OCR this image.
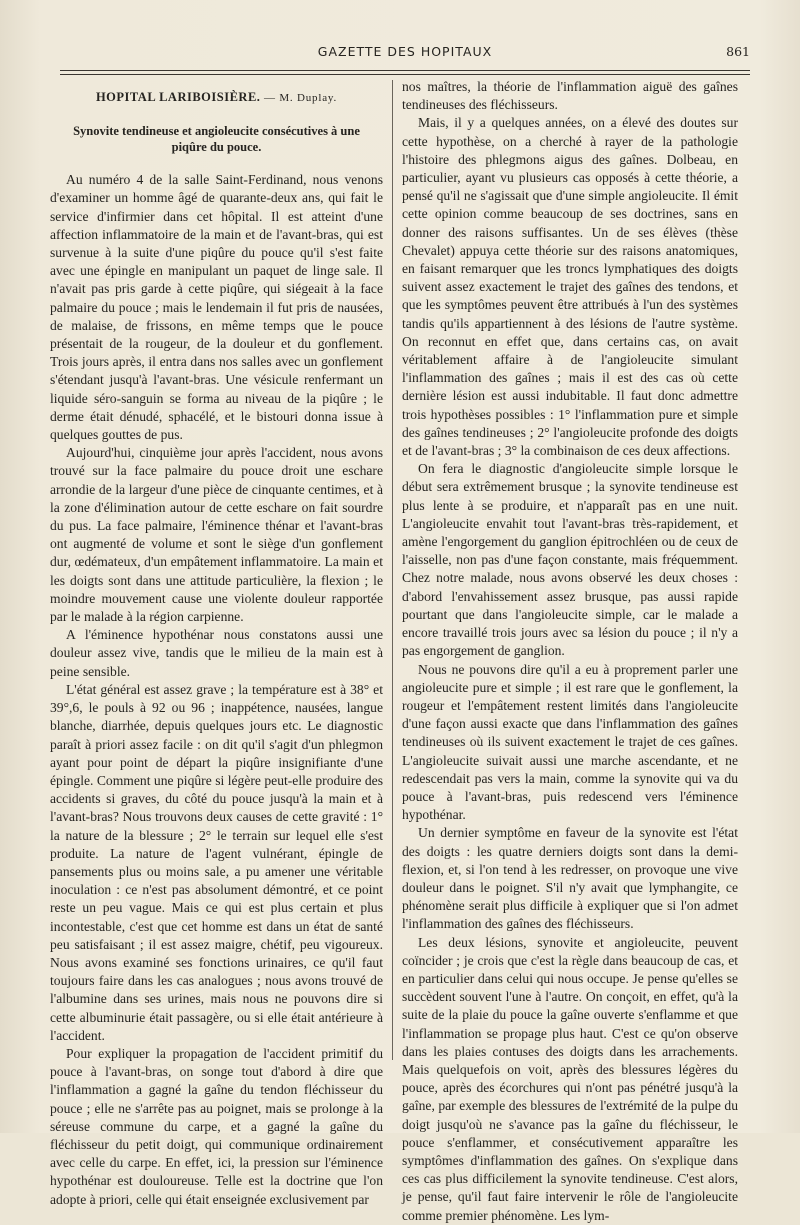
GAZETTE DES HOPITAUX	861
HOPITAL LARIBOISIÈRE. — M. Duplay.
Synovite tendineuse et angioleucite consécutives à une piqûre du pouce.

Au numéro 4 de la salle Saint-Ferdinand, nous venons d'examiner un homme âgé de quarante-deux ans, qui fait le service d'infirmier dans cet hôpital. Il est atteint d'une affection inflammatoire de la main et de l'avant-bras, qui est survenue à la suite d'une piqûre du pouce qu'il s'est faite avec une épingle en manipulant un paquet de linge sale. Il n'avait pas pris garde à cette piqûre, qui siégeait à la face palmaire du pouce ; mais le lendemain il fut pris de nausées, de malaise, de frissons, en même temps que le pouce présentait de la rougeur, de la douleur et du gonflement. Trois jours après, il entra dans nos salles avec un gonflement s'étendant jusqu'à l'avant-bras. Une vésicule renfermant un liquide séro-sanguin se forma au niveau de la piqûre ; le derme était dénudé, sphacélé, et le bistouri donna issue à quelques gouttes de pus.

Aujourd'hui, cinquième jour après l'accident, nous avons trouvé sur la face palmaire du pouce droit une eschare arrondie de la largeur d'une pièce de cinquante centimes, et à la zone d'élimination autour de cette eschare on fait sourdre du pus. La face palmaire, l'éminence thénar et l'avant-bras ont augmenté de volume et sont le siège d'un gonflement dur, œdémateux, d'un empâtement inflammatoire. La main et les doigts sont dans une attitude particulière, la flexion ; le moindre mouvement cause une violente douleur rapportée par le malade à la région carpienne.

A l'éminence hypothénar nous constatons aussi une douleur assez vive, tandis que le milieu de la main est à peine sensible.

L'état général est assez grave ; la température est à 38° et 39°,6, le pouls à 92 ou 96 ; inappétence, nausées, langue blanche, diarrhée, depuis quelques jours etc. Le diagnostic paraît à priori assez facile : on dit qu'il s'agit d'un phlegmon ayant pour point de départ la piqûre insignifiante d'une épingle. Comment une piqûre si légère peut-elle produire des accidents si graves, du côté du pouce jusqu'à la main et à l'avant-bras? Nous trouvons deux causes de cette gravité : 1° la nature de la blessure ; 2° le terrain sur lequel elle s'est produite. La nature de l'agent vulnérant, épingle de pansements plus ou moins sale, a pu amener une véritable inoculation : ce n'est pas absolument démontré, et ce point reste un peu vague. Mais ce qui est plus certain et plus incontestable, c'est que cet homme est dans un état de santé peu satisfaisant ; il est assez maigre, chétif, peu vigoureux. Nous avons examiné ses fonctions urinaires, ce qu'il faut toujours faire dans les cas analogues ; nous avons trouvé de l'albumine dans ses urines, mais nous ne pouvons dire si cette albuminurie était passagère, ou si elle était antérieure à l'accident.

Pour expliquer la propagation de l'accident primitif du pouce à l'avant-bras, on songe tout d'abord à dire que l'inflammation a gagné la gaîne du tendon fléchisseur du pouce ; elle ne s'arrête pas au poignet, mais se prolonge à la séreuse commune du carpe, et a gagné la gaîne du fléchisseur du petit doigt, qui communique ordinairement avec celle du carpe. En effet, ici, la pression sur l'éminence hypothénar est douloureuse. Telle est la doctrine que l'on adopte à priori, celle qui était enseignée exclusivement par

nos maîtres, la théorie de l'inflammation aiguë des gaînes tendineuses des fléchisseurs.

Mais, il y a quelques années, on a élevé des doutes sur cette hypothèse, on a cherché à rayer de la pathologie l'histoire des phlegmons aigus des gaînes. Dolbeau, en particulier, ayant vu plusieurs cas opposés à cette théorie, a pensé qu'il ne s'agissait que d'une simple angioleucite. Il émit cette opinion comme beaucoup de ses doctrines, sans en donner des raisons suffisantes. Un de ses élèves (thèse Chevalet) appuya cette théorie sur des raisons anatomiques, en faisant remarquer que les troncs lymphatiques des doigts suivent assez exactement le trajet des gaînes des tendons, et que les symptômes peuvent être attribués à l'un des systèmes tandis qu'ils appartiennent à des lésions de l'autre système. On reconnut en effet que, dans certains cas, on avait véritablement affaire à de l'angioleucite simulant l'inflammation des gaînes ; mais il est des cas où cette dernière lésion est aussi indubitable. Il faut donc admettre trois hypothèses possibles : 1° l'inflammation pure et simple des gaînes tendineuses ; 2° l'angioleucite profonde des doigts et de l'avant-bras ; 3° la combinaison de ces deux affections.

On fera le diagnostic d'angioleucite simple lorsque le début sera extrêmement brusque ; la synovite tendineuse est plus lente à se produire, et n'apparaît pas en une nuit. L'angioleucite envahit tout l'avant-bras très-rapidement, et amène l'engorgement du ganglion épitrochléen ou de ceux de l'aisselle, non pas d'une façon constante, mais fréquemment. Chez notre malade, nous avons observé les deux choses : d'abord l'envahissement assez brusque, pas aussi rapide pourtant que dans l'angioleucite simple, car le malade a encore travaillé trois jours avec sa lésion du pouce ; il n'y a pas engorgement de ganglion.

Nous ne pouvons dire qu'il a eu à proprement parler une angioleucite pure et simple ; il est rare que le gonflement, la rougeur et l'empâtement restent limités dans l'angioleucite d'une façon aussi exacte que dans l'inflammation des gaînes tendineuses où ils suivent exactement le trajet de ces gaînes. L'angioleucite suivait aussi une marche ascendante, et ne redescendait pas vers la main, comme la synovite qui va du pouce à l'avant-bras, puis redescend vers l'éminence hypothénar.

Un dernier symptôme en faveur de la synovite est l'état des doigts : les quatre derniers doigts sont dans la demi-flexion, et, si l'on tend à les redresser, on provoque une vive douleur dans le poignet. S'il n'y avait que lymphangite, ce phénomène serait plus difficile à expliquer que si l'on admet l'inflammation des gaînes des fléchisseurs.

Les deux lésions, synovite et angioleucite, peuvent coïncider ; je crois que c'est la règle dans beaucoup de cas, et en particulier dans celui qui nous occupe. Je pense qu'elles se succèdent souvent l'une à l'autre. On conçoit, en effet, qu'à la suite de la plaie du pouce la gaîne ouverte s'enflamme et que l'inflammation se propage plus haut. C'est ce qu'on observe dans les plaies contuses des doigts dans les arrachements. Mais quelquefois on voit, après des blessures légères du pouce, après des écorchures qui n'ont pas pénétré jusqu'à la gaîne, par exemple des blessures de l'extrémité de la pulpe du doigt jusqu'où ne s'avance pas la gaîne du fléchisseur, le pouce s'enflammer, et consécutivement apparaître les symptômes d'inflammation des gaînes. On s'explique dans ces cas plus difficilement la synovite tendineuse. C'est alors, je pense, qu'il faut faire intervenir le rôle de l'angioleucite comme premier phénomène. Les lym-
